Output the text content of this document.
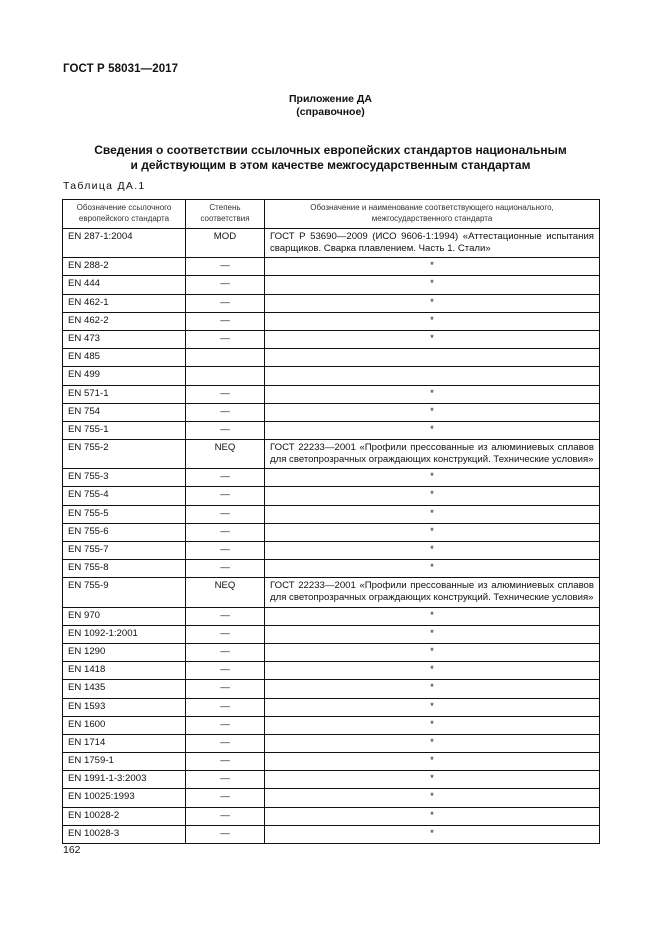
ГОСТ Р 58031—2017
Приложение ДА
(справочное)
Сведения о соответствии ссылочных европейских стандартов национальным
и действующим в этом качестве межгосударственным стандартам
Таблица ДА.1
Обозначение ссылочного европейского стандарта	Степень соответствия	Обозначение и наименование соответствующего национального, межгосударственного стандарта
EN 287-1:2004	MOD	ГОСТ Р 53690—2009 (ИСО 9606-1:1994) «Аттестационные испытания сварщиков. Сварка плавлением. Часть 1. Стали»
EN 288-2	—	*
EN 444	—	*
EN 462-1	—	*
EN 462-2	—	*
EN 473	—	*
EN 485		
EN 499		
EN 571-1	—	*
EN 754	—	*
EN 755-1	—	*
EN 755-2	NEQ	ГОСТ 22233—2001 «Профили прессованные из алюминиевых сплавов для светопрозрачных ограждающих конструкций. Технические условия»
EN 755-3	—	*
EN 755-4	—	*
EN 755-5	—	*
EN 755-6	—	*
EN 755-7	—	*
EN 755-8	—	*
EN 755-9	NEQ	ГОСТ 22233—2001 «Профили прессованные из алюминиевых сплавов для светопрозрачных ограждающих конструкций. Технические условия»
EN 970	—	*
EN 1092-1:2001	—	*
EN 1290	—	*
EN 1418	—	*
EN 1435	—	*
EN 1593	—	*
EN 1600	—	*
EN 1714	—	*
EN 1759-1	—	*
EN 1991-1-3:2003	—	*
EN 10025:1993	—	*
EN 10028-2	—	*
EN 10028-3	—	*
162
